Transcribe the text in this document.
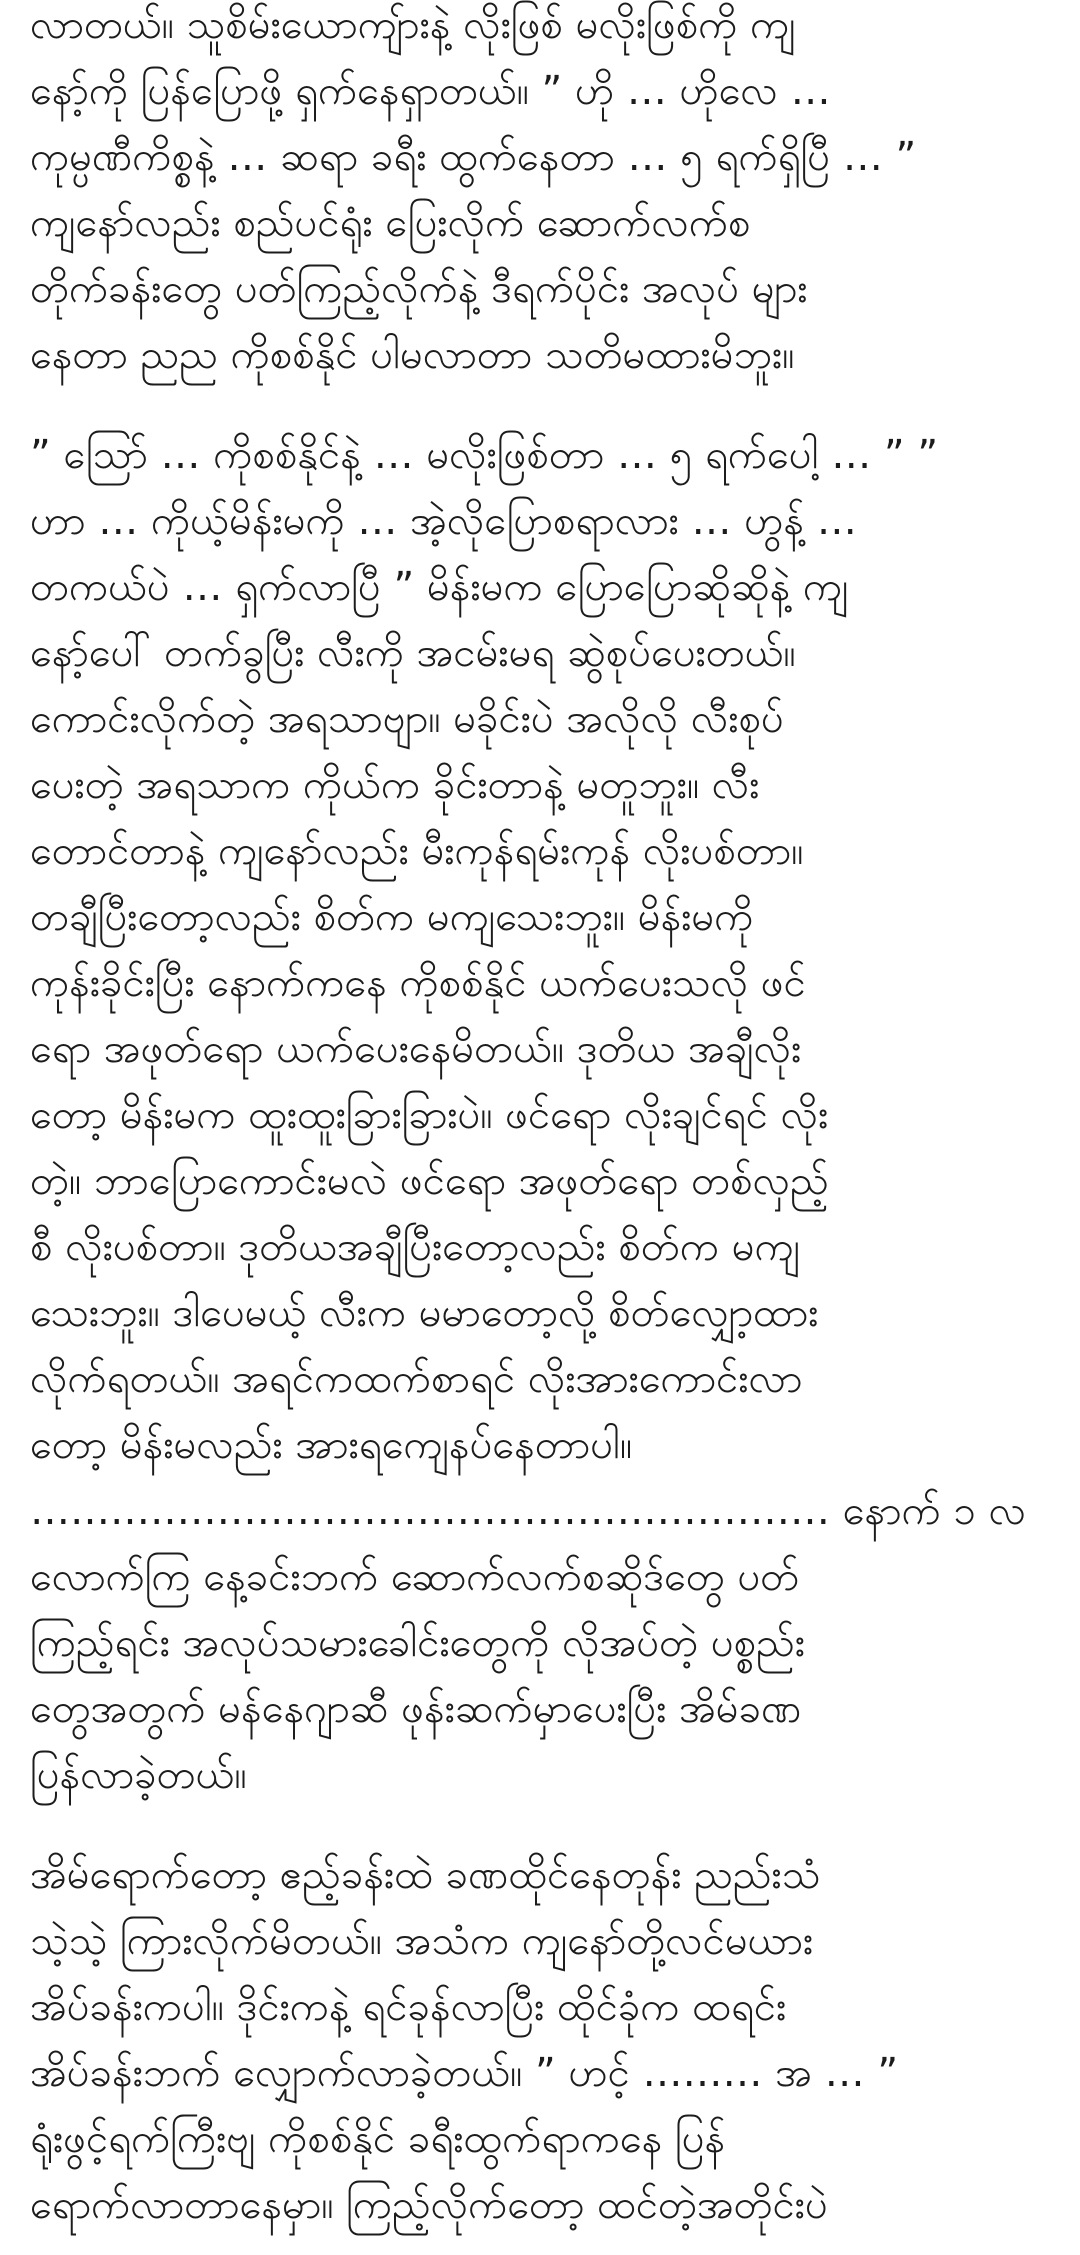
လာတယ်။ သူစိမ်းယောကျ်ားနဲ့ လိုးဖြစ် မလိုးဖြစ်ကို ကျ
နော့်ကို ပြန်ပြောဖို့ ရှက်နေရှာတယ်။ ” ဟို … ဟိုလေ …
ကုမ္ပဏီကိစ္စနဲ့ … ဆရာ ခရီး ထွက်နေတာ … ၅ ရက်ရှိပြီ … ”
ကျနော်လည်း စည်ပင်ရုံး ပြေးလိုက် ဆောက်လက်စ
တိုက်ခန်းတွေ ပတ်ကြည့်လိုက်နဲ့ ဒီရက်ပိုင်း အလုပ် များ
နေတာ ညည ကိုစစ်နိုင် ပါမလာတာ သတိမထားမိဘူး။

” သြော် … ကိုစစ်နိုင်နဲ့ … မလိုးဖြစ်တာ … ၅ ရက်ပေါ့ … ” ”
ဟာ … ကိုယ့်မိန်းမကို … အဲ့လိုပြောစရာလား … ဟွန့် …
တကယ်ပဲ … ရှက်လာပြီ ” မိန်းမက ပြောပြောဆိုဆိုနဲ့ ကျ
နော့်ပေါ် တက်ခွပြီး လီးကို အငမ်းမရ ဆွဲစုပ်ပေးတယ်။
ကောင်းလိုက်တဲ့ အရသာဗျာ။ မခိုင်းပဲ အလိုလို လီးစုပ်
ပေးတဲ့ အရသာက ကိုယ်က ခိုင်းတာနဲ့ မတူဘူး။ လီး
တောင်တာနဲ့ ကျနော်လည်း မီးကုန်ရမ်းကုန် လိုးပစ်တာ။
တချီပြီးတော့လည်း စိတ်က မကျသေးဘူး။ မိန်းမကို
ကုန်းခိုင်းပြီး နောက်ကနေ ကိုစစ်နိုင် ယက်ပေးသလို ဖင်
ရော အဖုတ်ရော ယက်ပေးနေမိတယ်။ ဒုတိယ အချီလိုး
တော့ မိန်းမက ထူးထူးခြားခြားပဲ။ ဖင်ရော လိုးချင်ရင် လိုး
တဲ့။ ဘာပြောကောင်းမလဲ ဖင်ရော အဖုတ်ရော တစ်လှည့်
စီ လိုးပစ်တာ။ ဒုတိယအချီပြီးတော့လည်း စိတ်က မကျ
သေးဘူး။ ဒါပေမယ့် လီးက မမာတော့လို့ စိတ်လျှော့ထား
လိုက်ရတယ်။ အရင်ကထက်စာရင် လိုးအားကောင်းလာ
တော့ မိန်းမလည်း အားရကျေနပ်နေတာပါ။
…………………………………………………… နောက် ၁ လ
လောက်ကြ နေ့ခင်းဘက် ဆောက်လက်စဆိုဒ်တွေ ပတ်
ကြည့်ရင်း အလုပ်သမားခေါင်းတွေကို လိုအပ်တဲ့ ပစ္စည်း
တွေအတွက် မန်နေဂျာဆီ ဖုန်းဆက်မှာပေးပြီး အိမ်ခဏ
ပြန်လာခဲ့တယ်။

အိမ်ရောက်တော့ ဧည့်ခန်းထဲ ခဏထိုင်နေတုန်း ညည်းသံ
သဲ့သဲ့ ကြားလိုက်မိတယ်။ အသံက ကျနော်တို့လင်မယား
အိပ်ခန်းကပါ။ ဒိုင်းကနဲ့ ရင်ခုန်လာပြီး ထိုင်ခုံက ထရင်း
အိပ်ခန်းဘက် လျှောက်လာခဲ့တယ်။ ” ဟင့် ……… အ … ”
ရုံးဖွင့်ရက်ကြီးဗျ ကိုစစ်နိုင် ခရီးထွက်ရာကနေ ပြန်
ရောက်လာတာနေမှာ။ ကြည့်လိုက်တော့ ထင်တဲ့အတိုင်းပဲ
